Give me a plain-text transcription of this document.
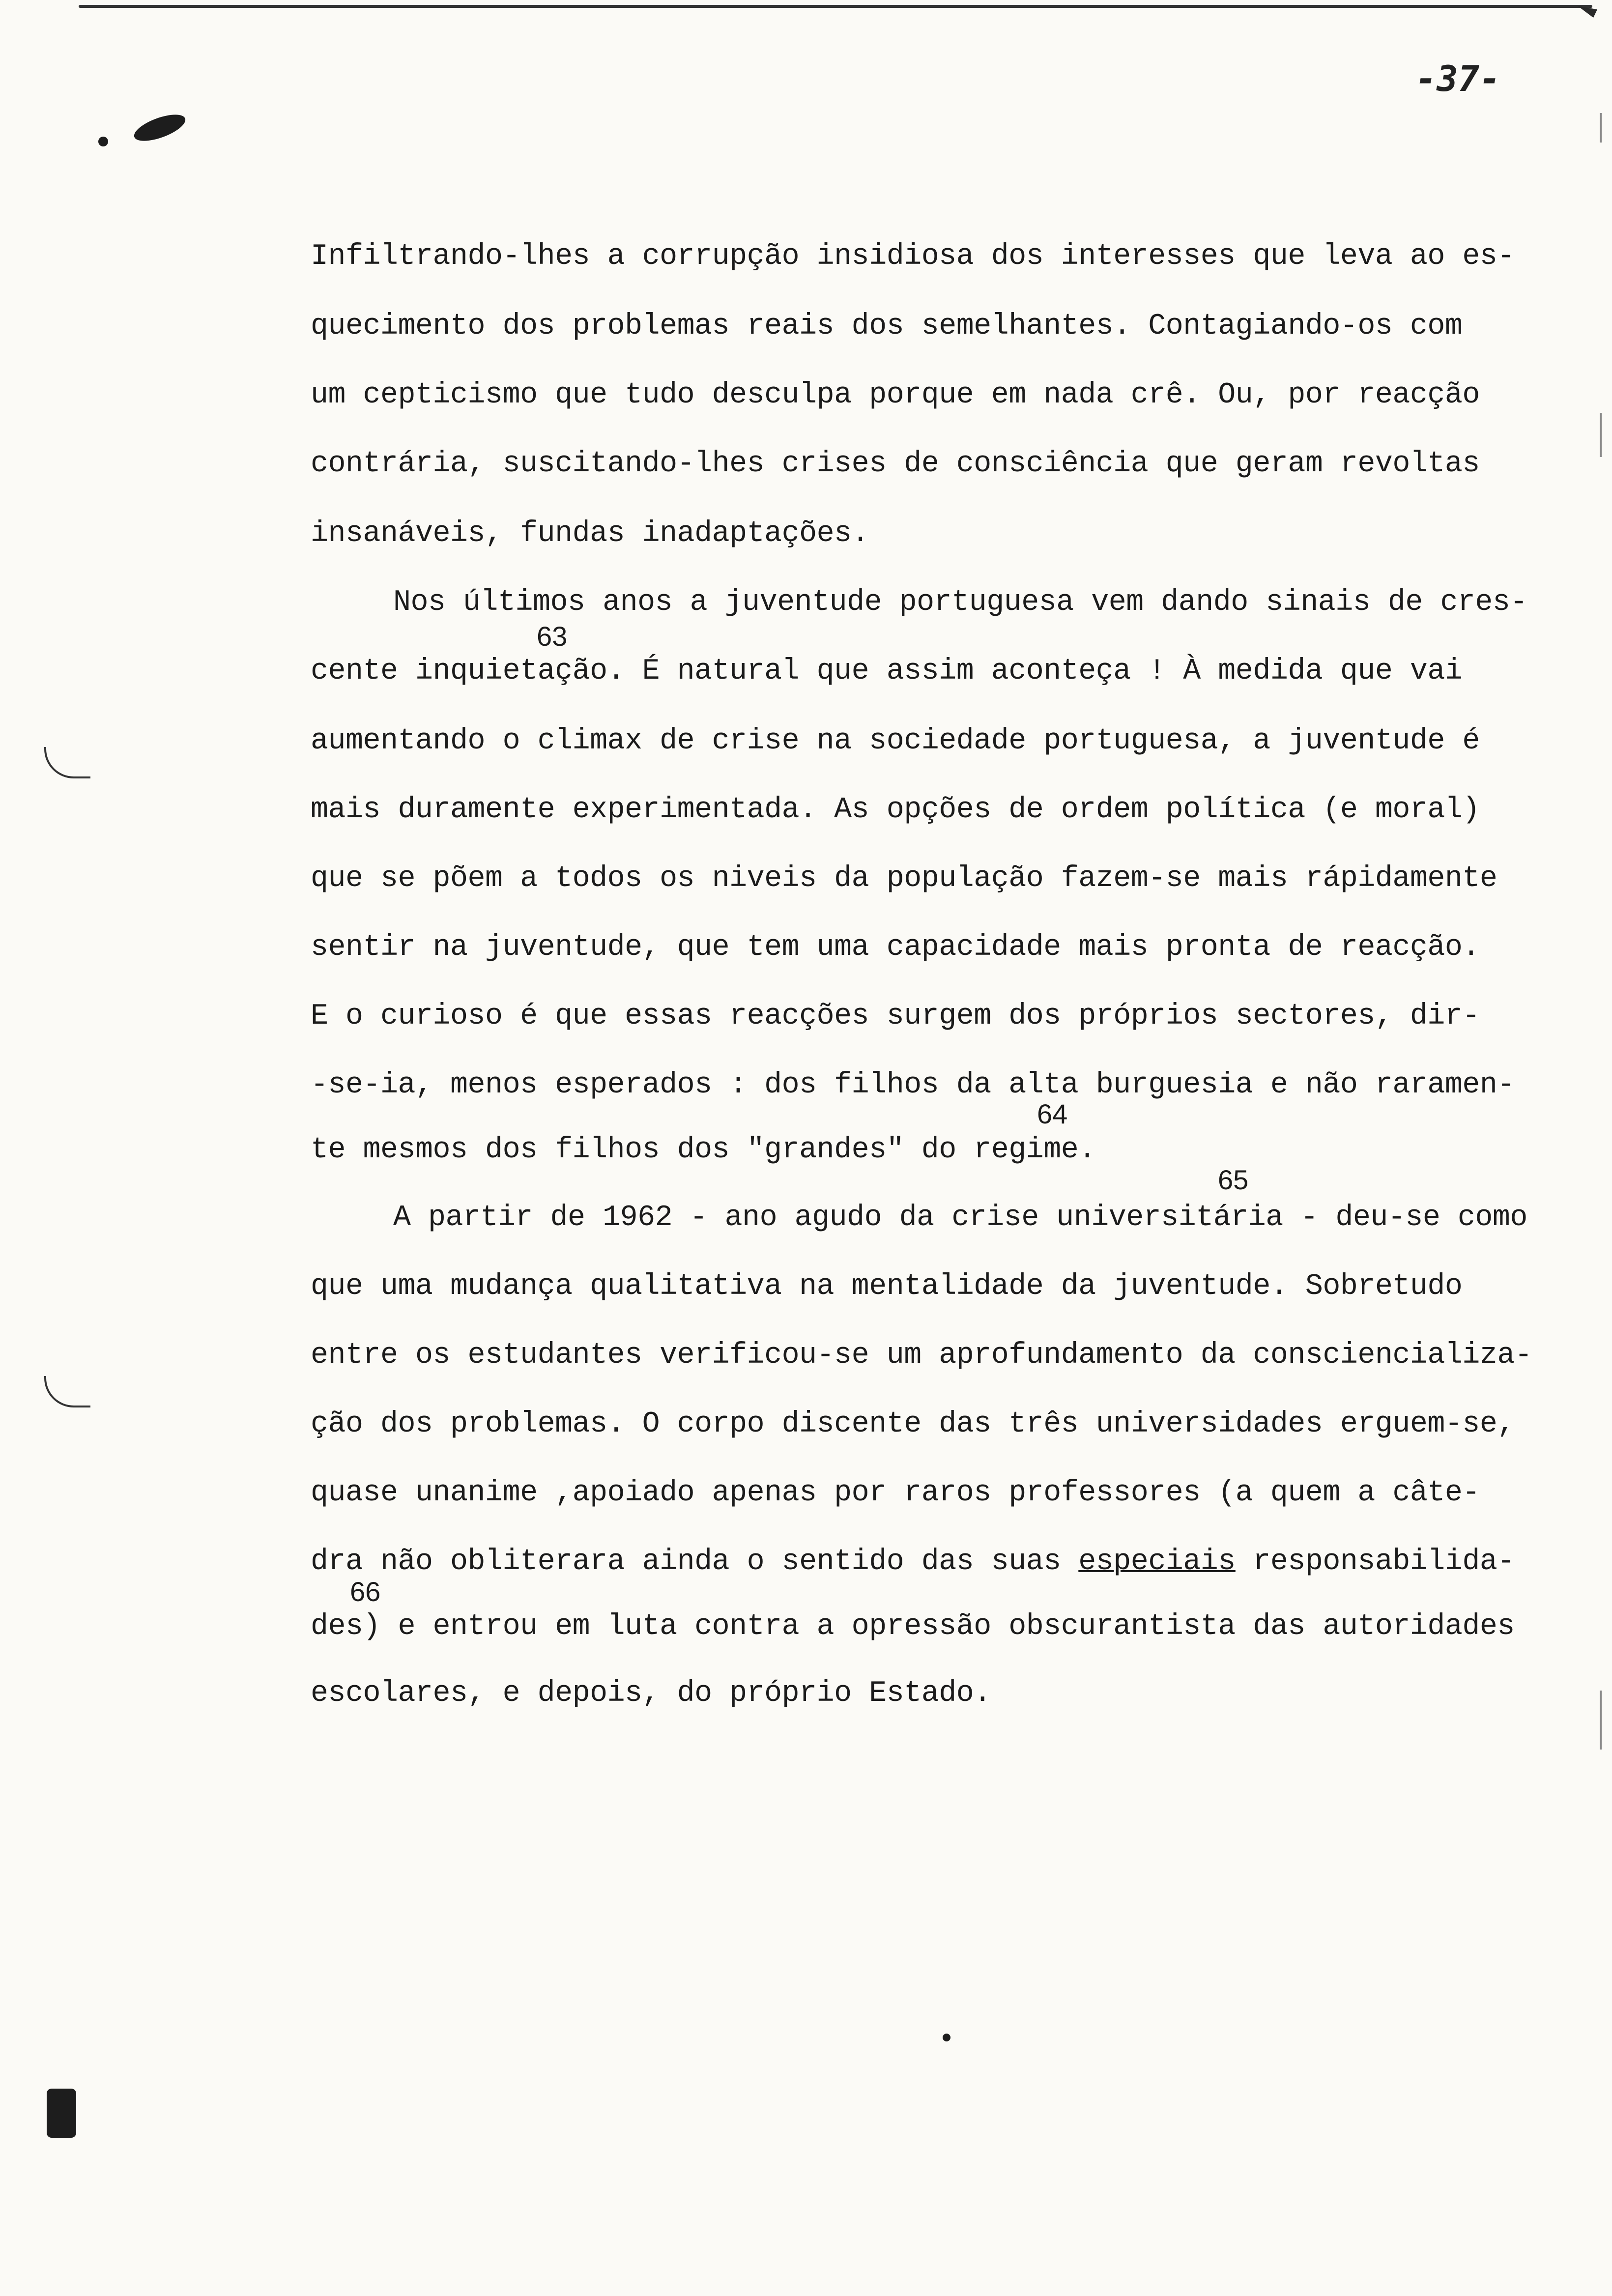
-37-
Infiltrando-lhes a corrupção insidiosa dos interesses que leva ao es-
quecimento dos problemas reais dos semelhantes. Contagiando-os com
um cepticismo que tudo desculpa porque em nada crê. Ou, por reacção
contrária, suscitando-lhes crises de consciência que geram revoltas
insanáveis, fundas inadaptações.
Nos últimos anos a juventude portuguesa vem dando sinais de cres-
63
cente inquietação. É natural que assim aconteça ! À medida que vai
aumentando o climax de crise na sociedade portuguesa, a juventude é
mais duramente experimentada. As opções de ordem política (e moral)
que se põem a todos os niveis da população fazem-se mais rápidamente
sentir na juventude, que tem uma capacidade mais pronta de reacção.
E o curioso é que essas reacções surgem dos próprios sectores, dir-
-se-ia, menos esperados : dos filhos da alta burguesia e não raramen-
64
te mesmos dos filhos dos "grandes" do regime.
65
A partir de 1962 - ano agudo da crise universitária - deu-se como
que uma mudança qualitativa na mentalidade da juventude. Sobretudo
entre os estudantes verificou-se um aprofundamento da consciencializa-
ção dos problemas. O corpo discente das três universidades erguem-se,
quase unanime ,apoiado apenas por raros professores (a quem a câte-
dra não obliterara ainda o sentido das suas especiais responsabilida-
66
des) e entrou em luta contra a opressão obscurantista das autoridades
escolares, e depois, do próprio Estado.
